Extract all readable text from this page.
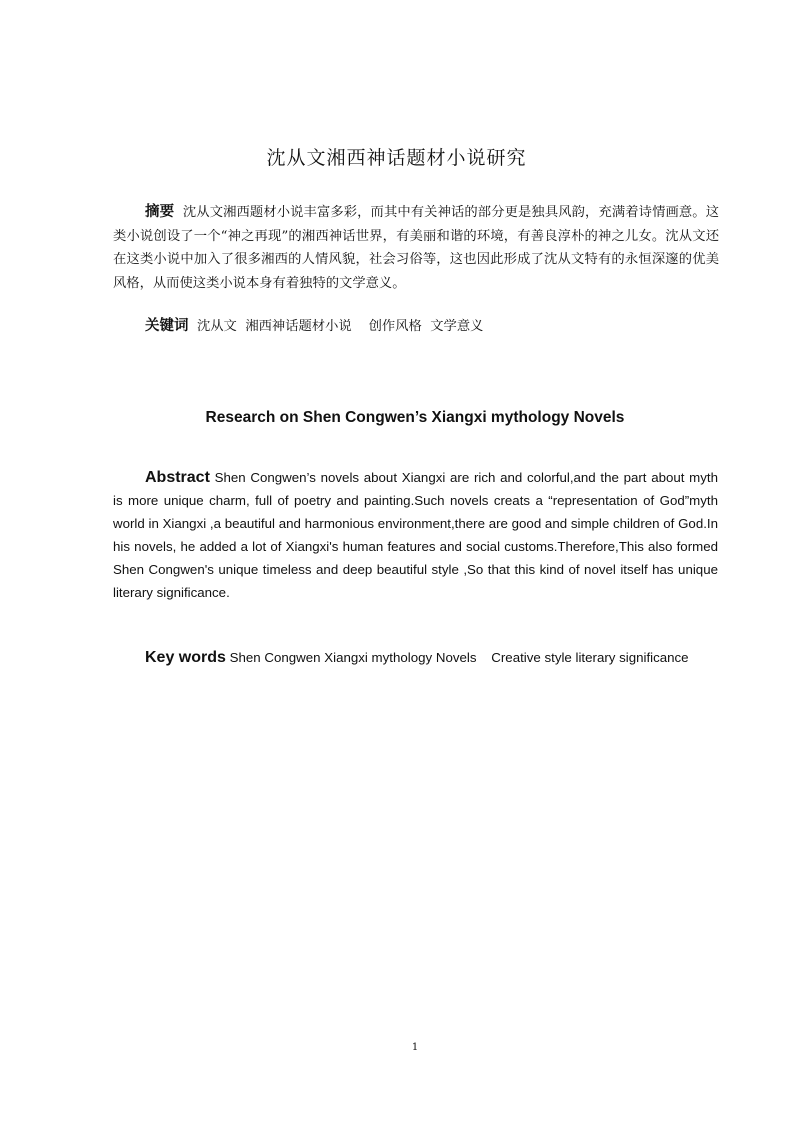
沈从文湘西神话题材小说研究

摘要 沈从文湘西题材小说丰富多彩，而其中有关神话的部分更是独具风韵，充满着诗情画意。这类小说创设了一个“神之再现”的湘西神话世界，有美丽和谐的环境，有善良淳朴的神之儿女。沈从文还在这类小说中加入了很多湘西的人情风貌，社会习俗等，这也因此形成了沈从文特有的永恒深邃的优美风格，从而使这类小说本身有着独特的文学意义。

关键词 沈从文  湘西神话题材小说    创作风格  文学意义
Research on Shen Congwen’s Xiangxi mythology Novels

Abstract Shen Congwen’s novels about Xiangxi are rich and colorful,and the part about myth is more unique charm, full of poetry and painting.Such novels creats a “representation of God”myth world in Xiangxi ,a beautiful and harmonious environment,there are good and simple children of God.In his novels, he added a lot of Xiangxi's human features and social customs.Therefore,This also formed Shen Congwen's unique timeless and deep beautiful style ,So that this kind of novel itself has unique literary significance.

Key words Shen Congwen Xiangxi mythology Novels    Creative style literary significance
1
